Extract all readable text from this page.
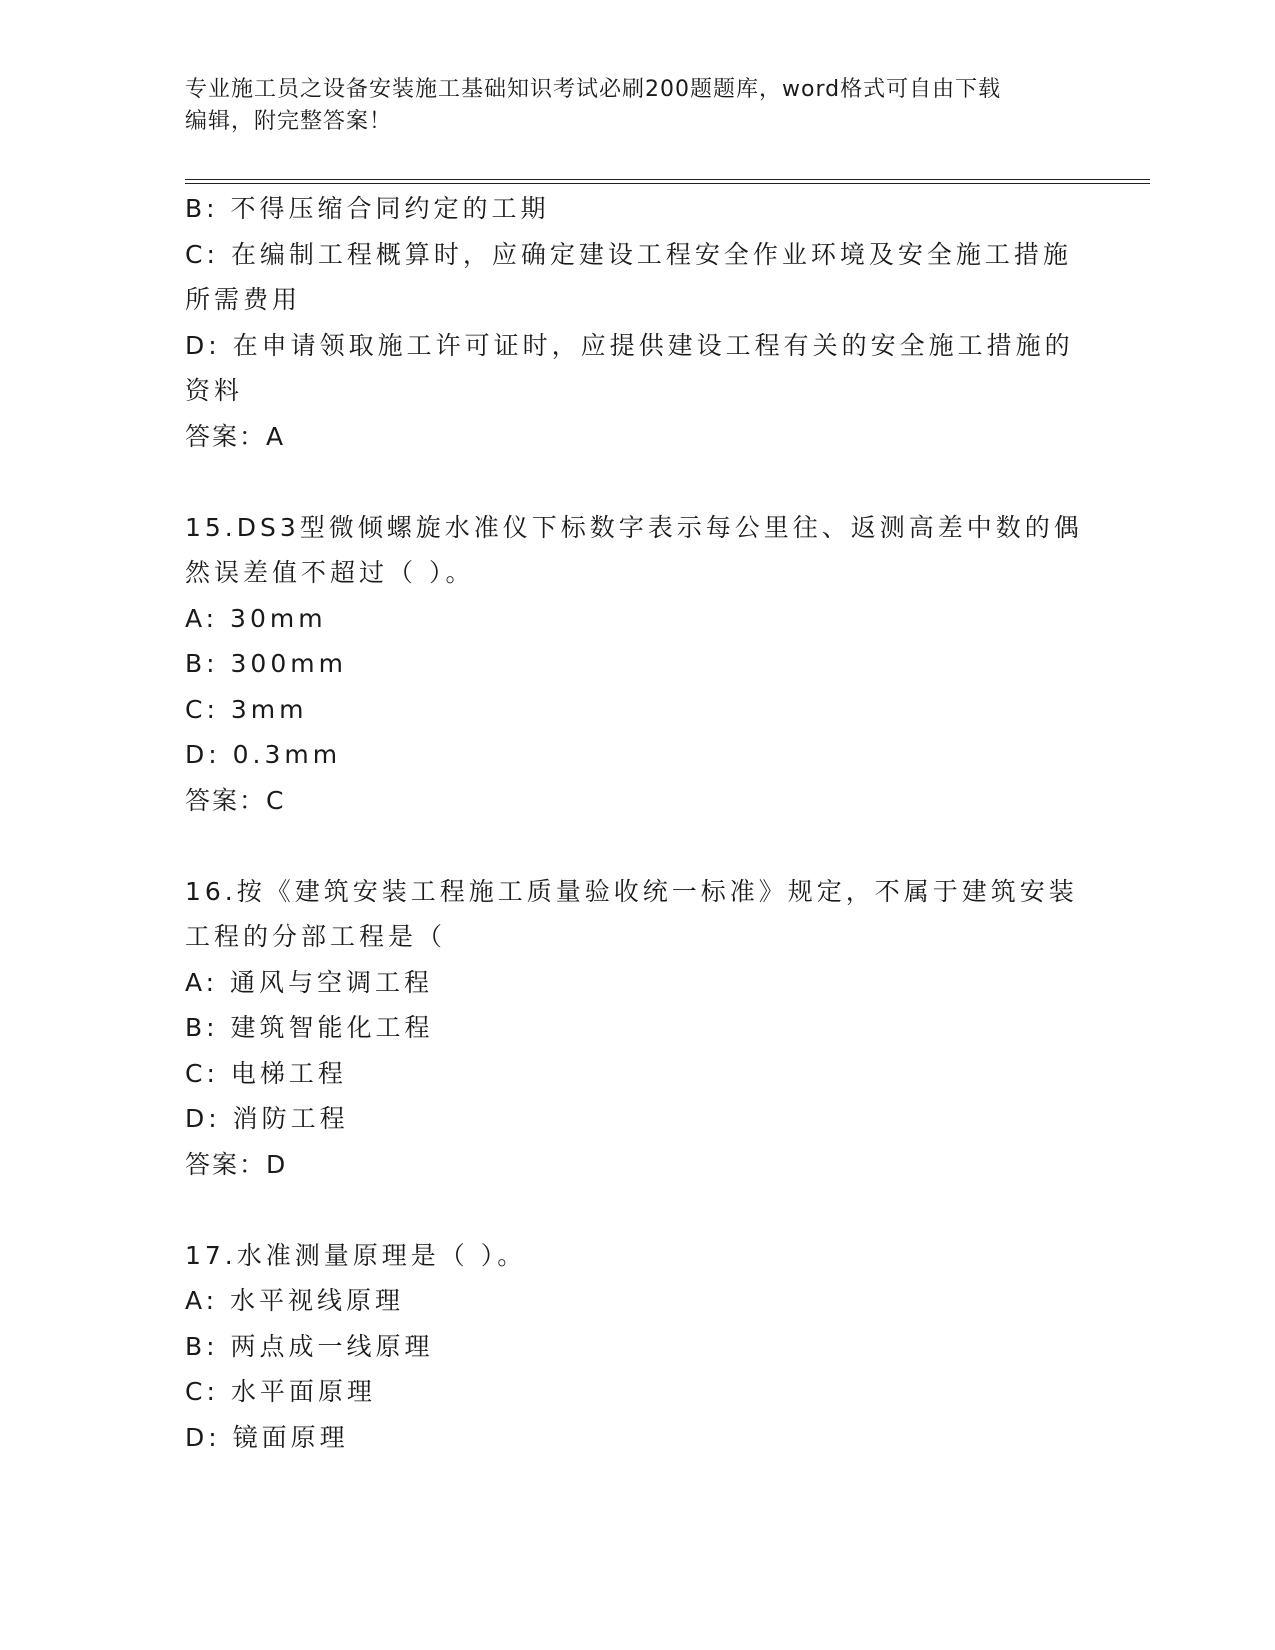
专业施工员之设备安装施工基础知识考试必刷200题题库，word格式可自由下载
编辑，附完整答案！
B: 不得压缩合同约定的工期
C: 在编制工程概算时，应确定建设工程安全作业环境及安全施工措施
所需费用
D: 在申请领取施工许可证时，应提供建设工程有关的安全施工措施的
资料
答案：A
15.DS3型微倾螺旋水准仪下标数字表示每公里往、返测高差中数的偶
然误差值不超过（ ）。
A: 30mm
B: 300mm
C: 3mm
D: 0.3mm
答案：C
16.按《建筑安装工程施工质量验收统一标准》规定，不属于建筑安装
工程的分部工程是（
A: 通风与空调工程
B: 建筑智能化工程
C: 电梯工程
D: 消防工程
答案：D
17.水准测量原理是（ ）。
A: 水平视线原理
B: 两点成一线原理
C: 水平面原理
D: 镜面原理
